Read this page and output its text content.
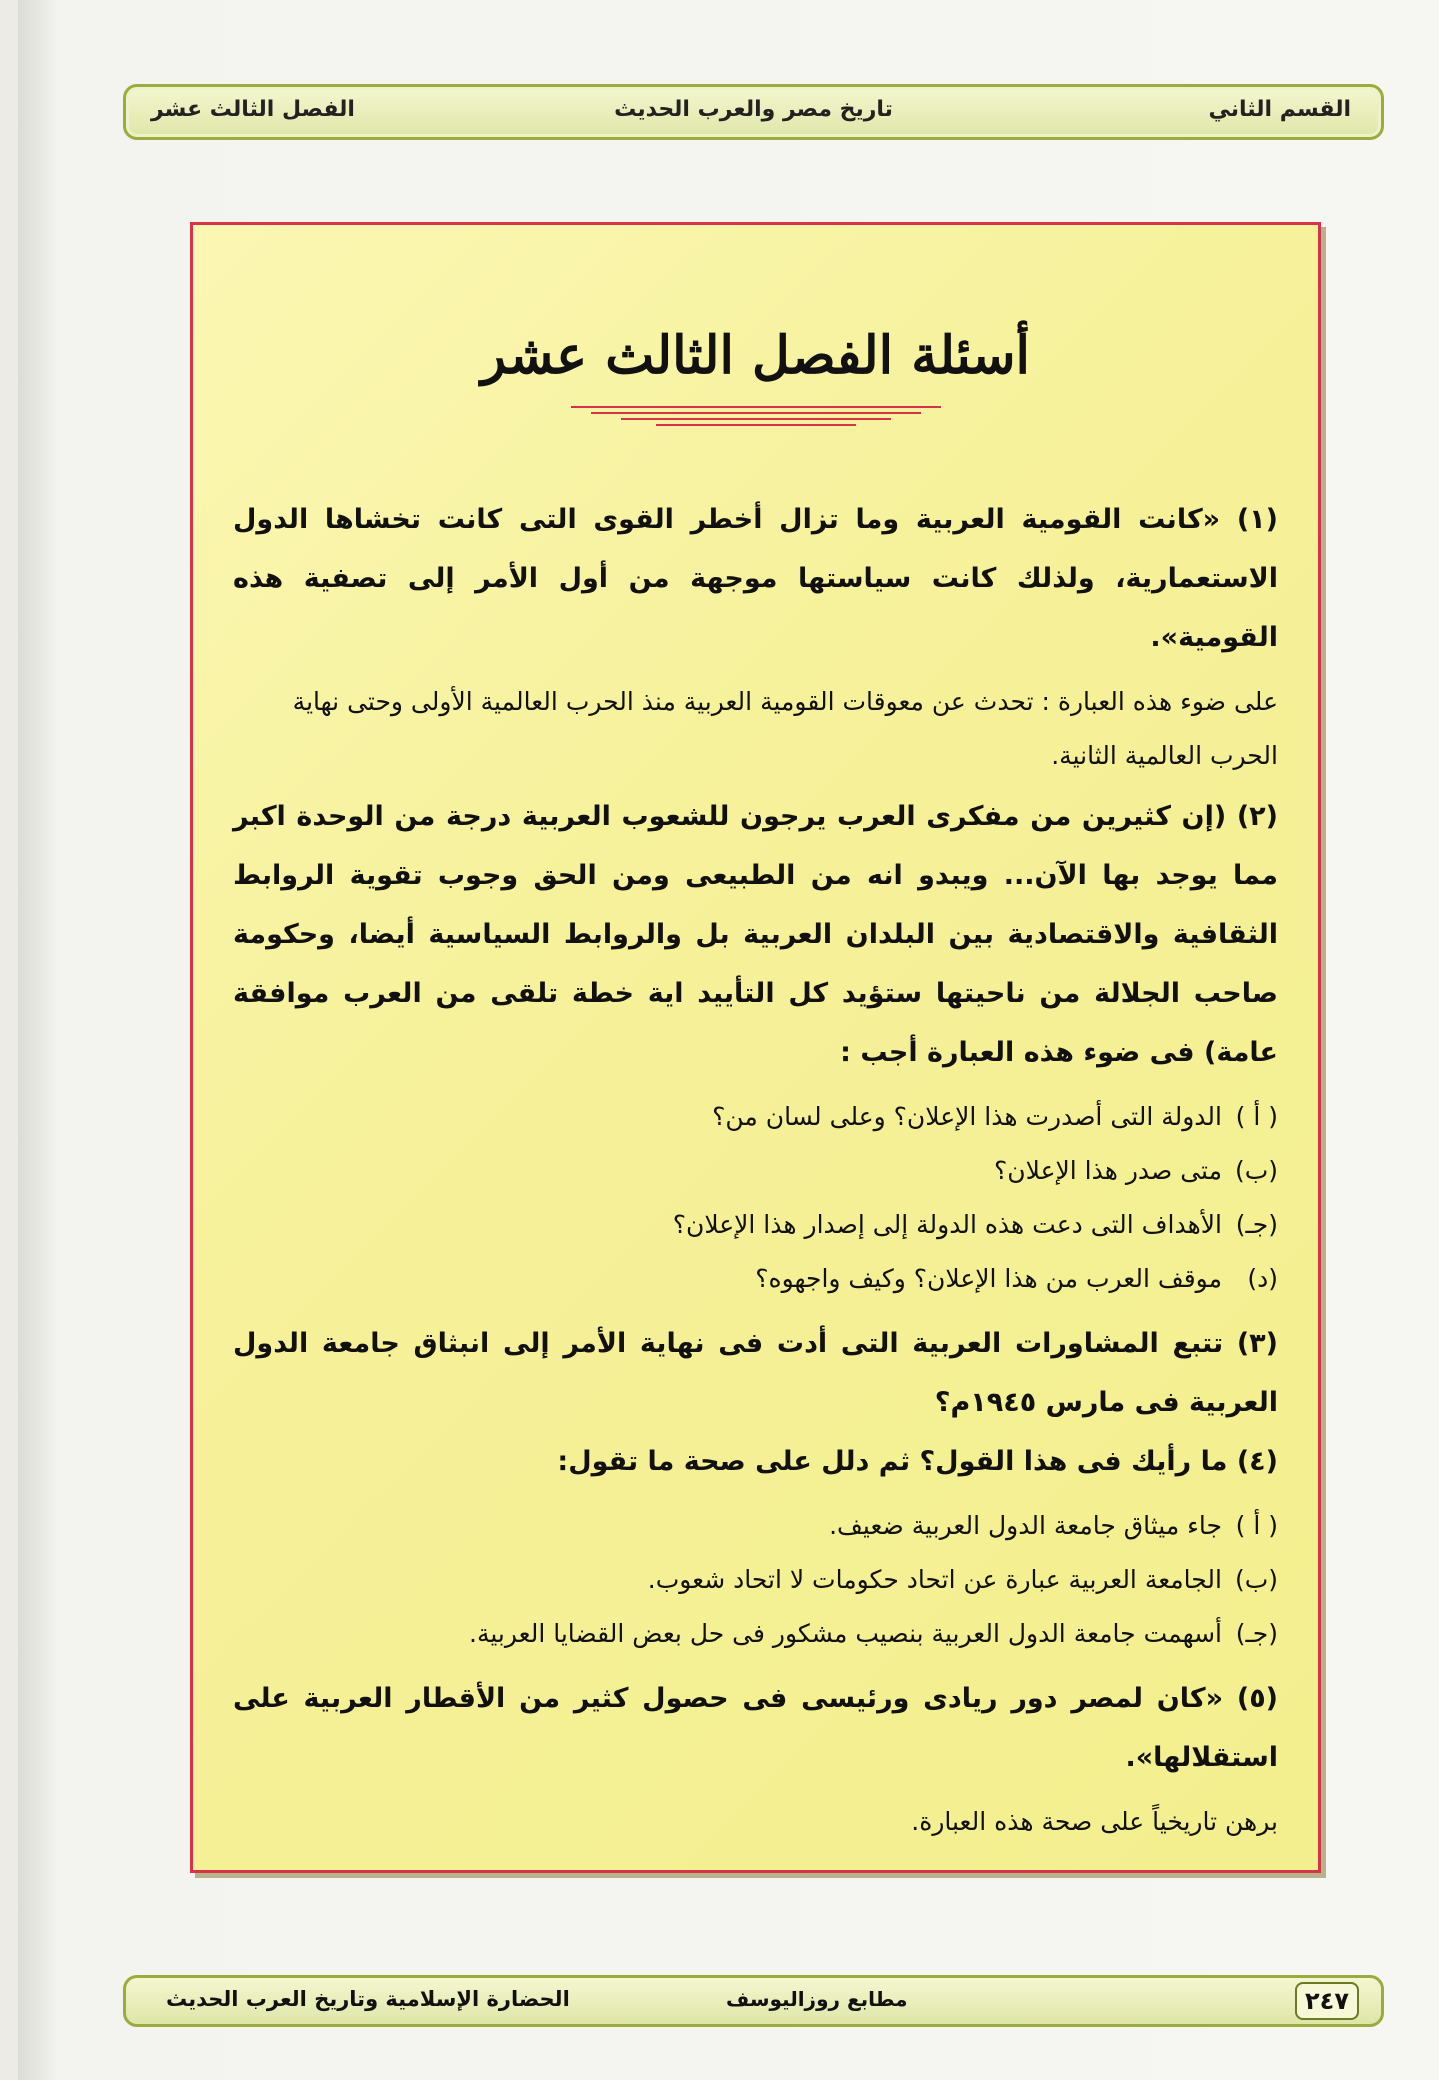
القسم الثاني
تاريخ مصر والعرب الحديث
الفصل الثالث عشر
أسئلة الفصل الثالث عشر

(١) «كانت القومية العربية وما تزال أخطر القوى التى كانت تخشاها الدول الاستعمارية، ولذلك كانت سياستها موجهة من أول الأمر إلى تصفية هذه القومية».

على ضوء هذه العبارة : تحدث عن معوقات القومية العربية منذ الحرب العالمية الأولى وحتى نهاية الحرب العالمية الثانية.

(٢) (إن كثيرين من مفكرى العرب يرجون للشعوب العربية درجة من الوحدة اكبر مما يوجد بها الآن... ويبدو انه من الطبيعى ومن الحق وجوب تقوية الروابط الثقافية والاقتصادية بين البلدان العربية بل والروابط السياسية أيضا، وحكومة صاحب الجلالة من ناحيتها ستؤيد كل التأييد اية خطة تلقى من العرب موافقة عامة) فى ضوء هذه العبارة أجب :

( أ )الدولة التى أصدرت هذا الإعلان؟ وعلى لسان من؟
(ب)متى صدر هذا الإعلان؟
(جـ)الأهداف التى دعت هذه الدولة إلى إصدار هذا الإعلان؟
(د)موقف العرب من هذا الإعلان؟ وكيف واجهوه؟

(٣) تتبع المشاورات العربية التى أدت فى نهاية الأمر إلى انبثاق جامعة الدول العربية فى مارس ١٩٤٥م؟

(٤) ما رأيك فى هذا القول؟ ثم دلل على صحة ما تقول:

( أ )جاء ميثاق جامعة الدول العربية ضعيف.
(ب)الجامعة العربية عبارة عن اتحاد حكومات لا اتحاد شعوب.
(جـ)أسهمت جامعة الدول العربية بنصيب مشكور فى حل بعض القضايا العربية.

(٥) «كان لمصر دور ريادى ورئيسى فى حصول كثير من الأقطار العربية على استقلالها».

برهن تاريخياً على صحة هذه العبارة.

الحضارة الإسلامية وتاريخ العرب الحديث	مطابع روزاليوسف	٢٤٧
